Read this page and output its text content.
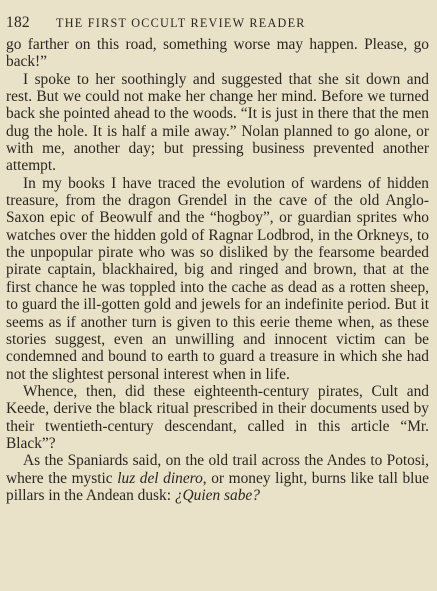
182	THE FIRST OCCULT REVIEW READER

go farther on this road, something worse may happen. Please, go back!”

I spoke to her soothingly and suggested that she sit down and rest. But we could not make her change her mind. Before we turned back she pointed ahead to the woods. “It is just in there that the men dug the hole. It is half a mile away.” Nolan planned to go alone, or with me, another day; but pressing business prevented another attempt.

In my books I have traced the evolution of wardens of hidden treasure, from the dragon Grendel in the cave of the old Anglo-Saxon epic of Beowulf and the “hogboy”, or guardian sprites who watches over the hidden gold of Ragnar Lodbrod, in the Orkneys, to the unpopular pirate who was so disliked by the fearsome bearded pirate captain, blackhaired, big and ringed and brown, that at the first chance he was toppled into the cache as dead as a rotten sheep, to guard the ill-gotten gold and jewels for an indefinite period. But it seems as if another turn is given to this eerie theme when, as these stories suggest, even an unwilling and innocent victim can be condemned and bound to earth to guard a treasure in which she had not the slightest personal interest when in life.

Whence, then, did these eighteenth-century pirates, Cult and Keede, derive the black ritual prescribed in their documents used by their twentieth-century descendant, called in this article “Mr. Black”?

As the Spaniards said, on the old trail across the Andes to Potosi, where the mystic luz del dinero, or money light, burns like tall blue pillars in the Andean dusk: ¿Quien sabe?
